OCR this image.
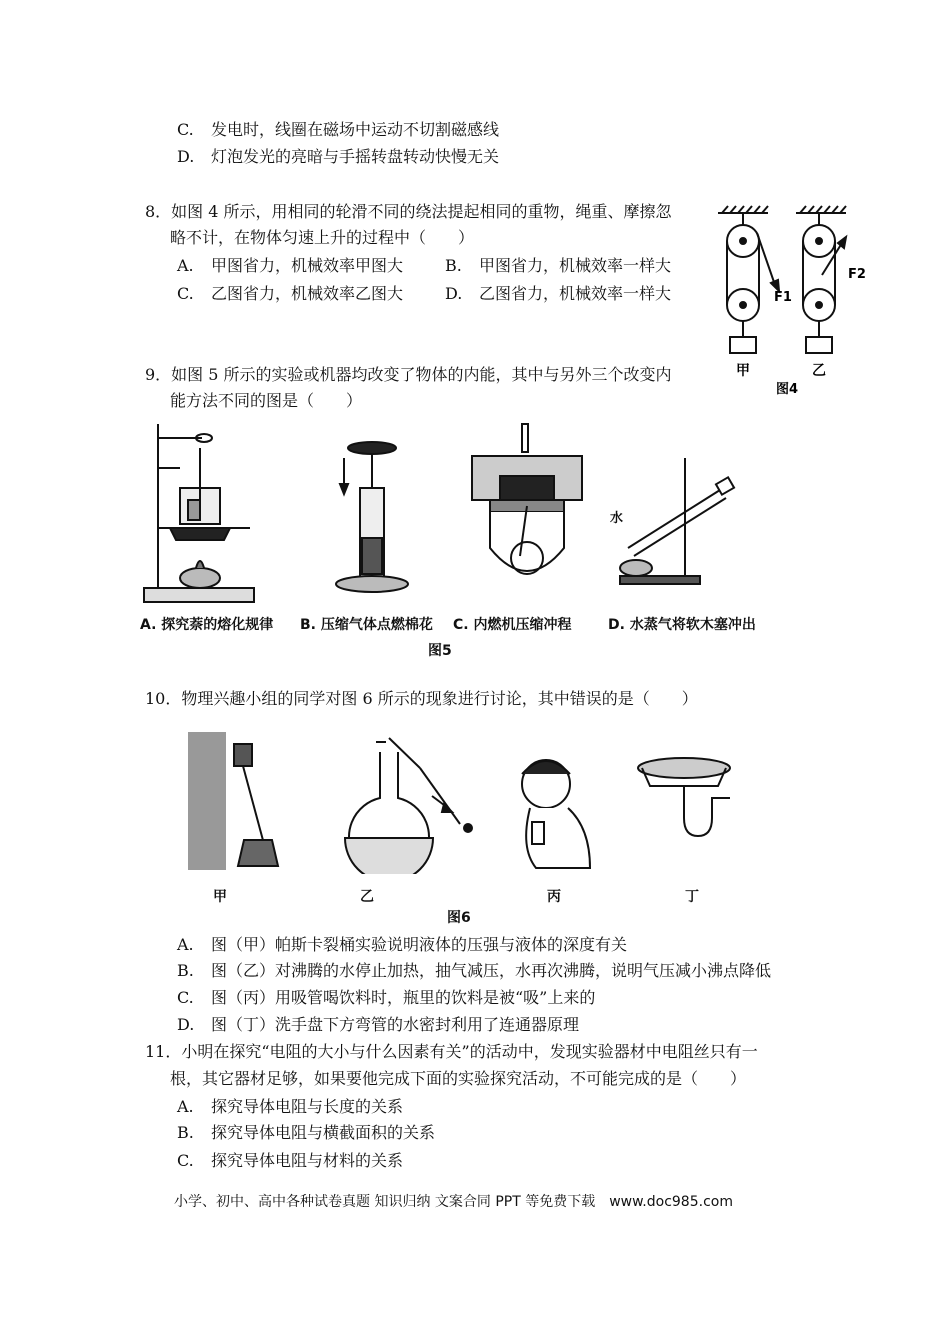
C. 发电时，线圈在磁场中运动不切割磁感线
D. 灯泡发光的亮暗与手摇转盘转动快慢无关
8．如图 4 所示，用相同的轮滑不同的绕法提起相同的重物，绳重、摩擦忽
略不计，在物体匀速上升的过程中（　　）
A. 甲图省力，机械效率甲图大	B. 甲图省力，机械效率一样大
C. 乙图省力，机械效率乙图大	D. 乙图省力，机械效率一样大	F1
F2
甲	乙
图4
9．如图 5 所示的实验或机器均改变了物体的内能，其中与另外三个改变内
能方法不同的图是（　　）
水
A. 探究萘的熔化规律 B. 压缩气体点燃棉花 C. 内燃机压缩冲程	D. 水蒸气将软木塞冲出
图5
10．物理兴趣小组的同学对图 6 所示的现象进行讨论，其中错误的是（　　）
甲	乙	丙	丁
图6
A. 图（甲）帕斯卡裂桶实验说明液体的压强与液体的深度有关
B. 图（乙）对沸腾的水停止加热，抽气减压，水再次沸腾，说明气压减小沸点降低
C. 图（丙）用吸管喝饮料时，瓶里的饮料是被“吸”上来的
D. 图（丁）洗手盘下方弯管的水密封利用了连通器原理
11．小明在探究“电阻的大小与什么因素有关”的活动中，发现实验器材中电阻丝只有一
根，其它器材足够，如果要他完成下面的实验探究活动，不可能完成的是（　　）
A. 探究导体电阻与长度的关系
B. 探究导体电阻与横截面积的关系
C. 探究导体电阻与材料的关系
小学、初中、高中各种试卷真题 知识归纳 文案合同 PPT 等免费下载　www.doc985.com
